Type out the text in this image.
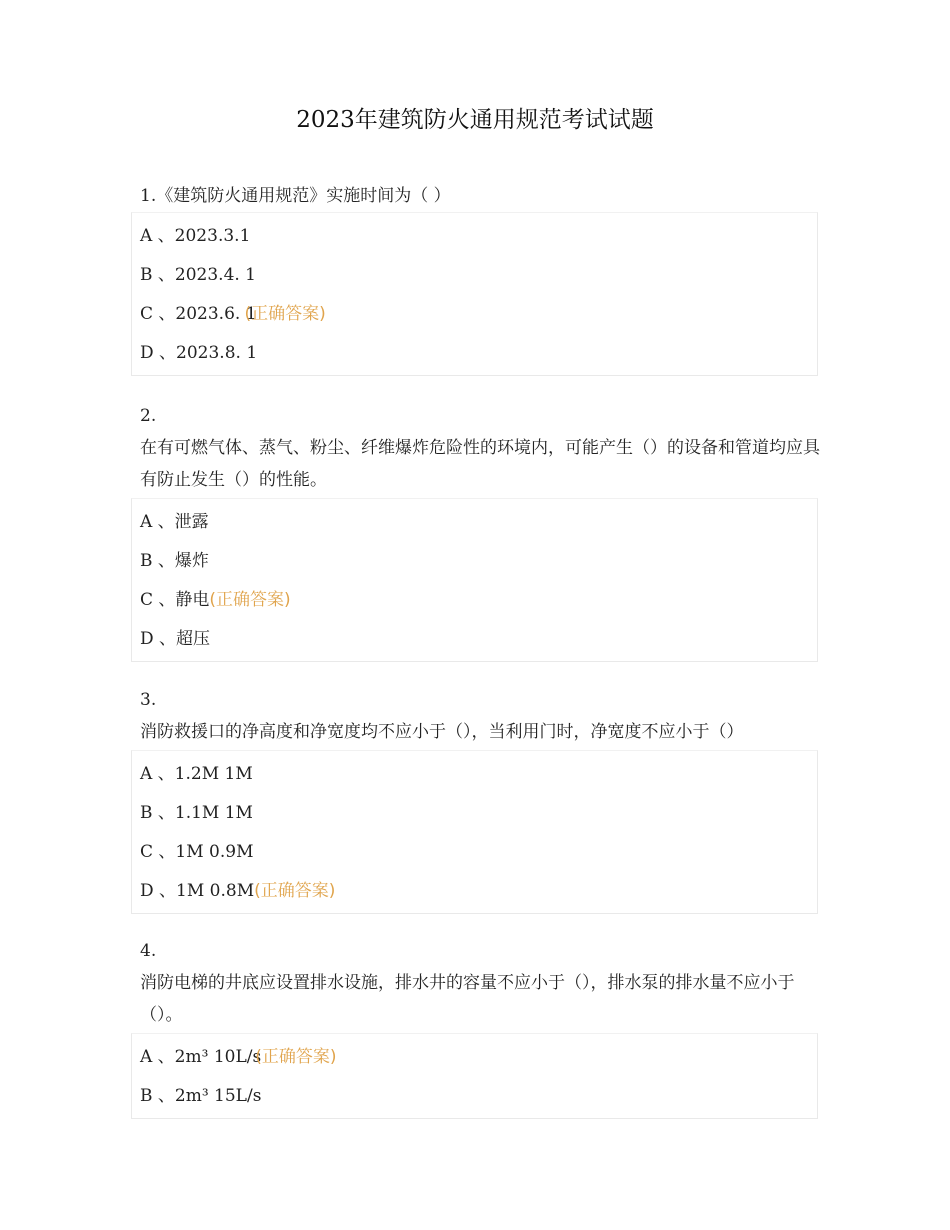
2023年建筑防火通用规范考试试题

1.《建筑防火通用规范》实施时间为（ ）

A 、2023.3.1
B 、2023.4. 1
C 、2023.6. 1(正确答案)
D 、2023.8. 1

2.

在有可燃气体、蒸气、粉尘、纤维爆炸危险性的环境内，可能产生（）的设备和管道均应具有防止发生（）的性能。

A 、泄露
B 、爆炸
C 、静电(正确答案)
D 、超压

3.

消防救援口的净高度和净宽度均不应小于（），当利用门时，净宽度不应小于（）

A 、1.2M 1M
B 、1.1M 1M
C 、1M 0.9M
D 、1M 0.8M(正确答案)

4.

消防电梯的井底应设置排水设施，排水井的容量不应小于（），排水泵的排水量不应小于（）。

A 、2m³ 10L/s(正确答案)
B 、2m³ 15L/s
